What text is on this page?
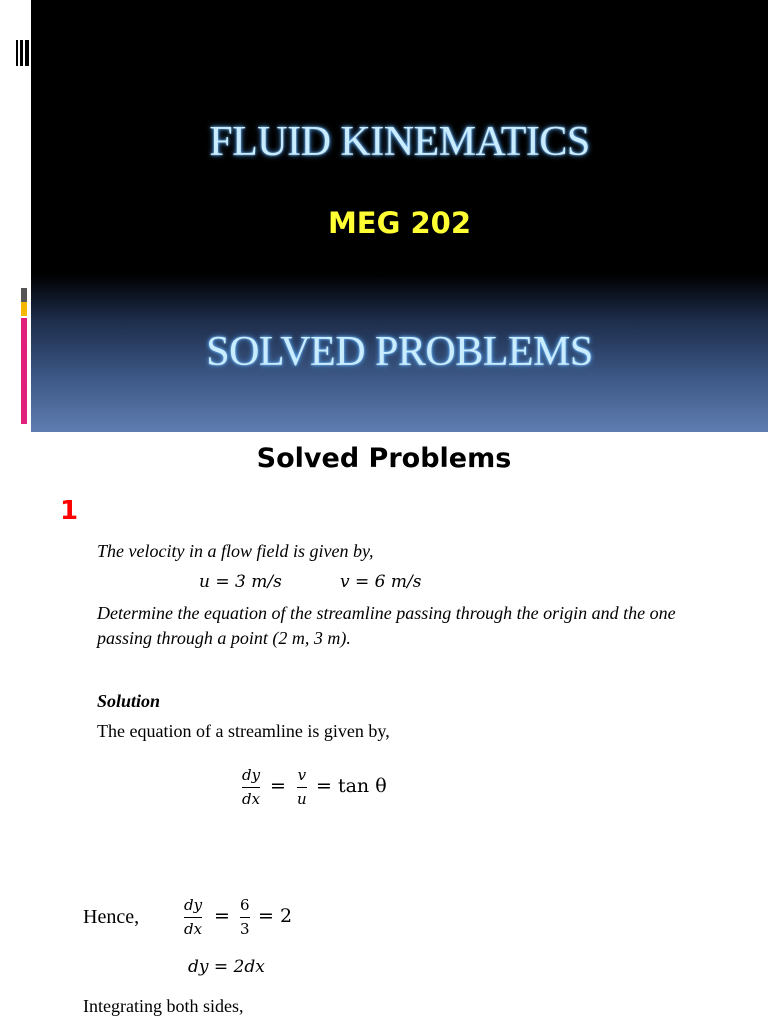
FLUID KINEMATICS
MEG 202
SOLVED PROBLEMS
Solved Problems
1
The velocity in a flow field is given by,
u = 3 m/s	v = 6 m/s
Determine the equation of the streamline passing through the origin and the one
passing through a point (2 m, 3 m).
Solution
The equation of a streamline is given by,
dy
dx
= v
u
= tan θ
Hence,
dy
dx
= 6
3
= 2
dy = 2dx
Integrating both sides,
